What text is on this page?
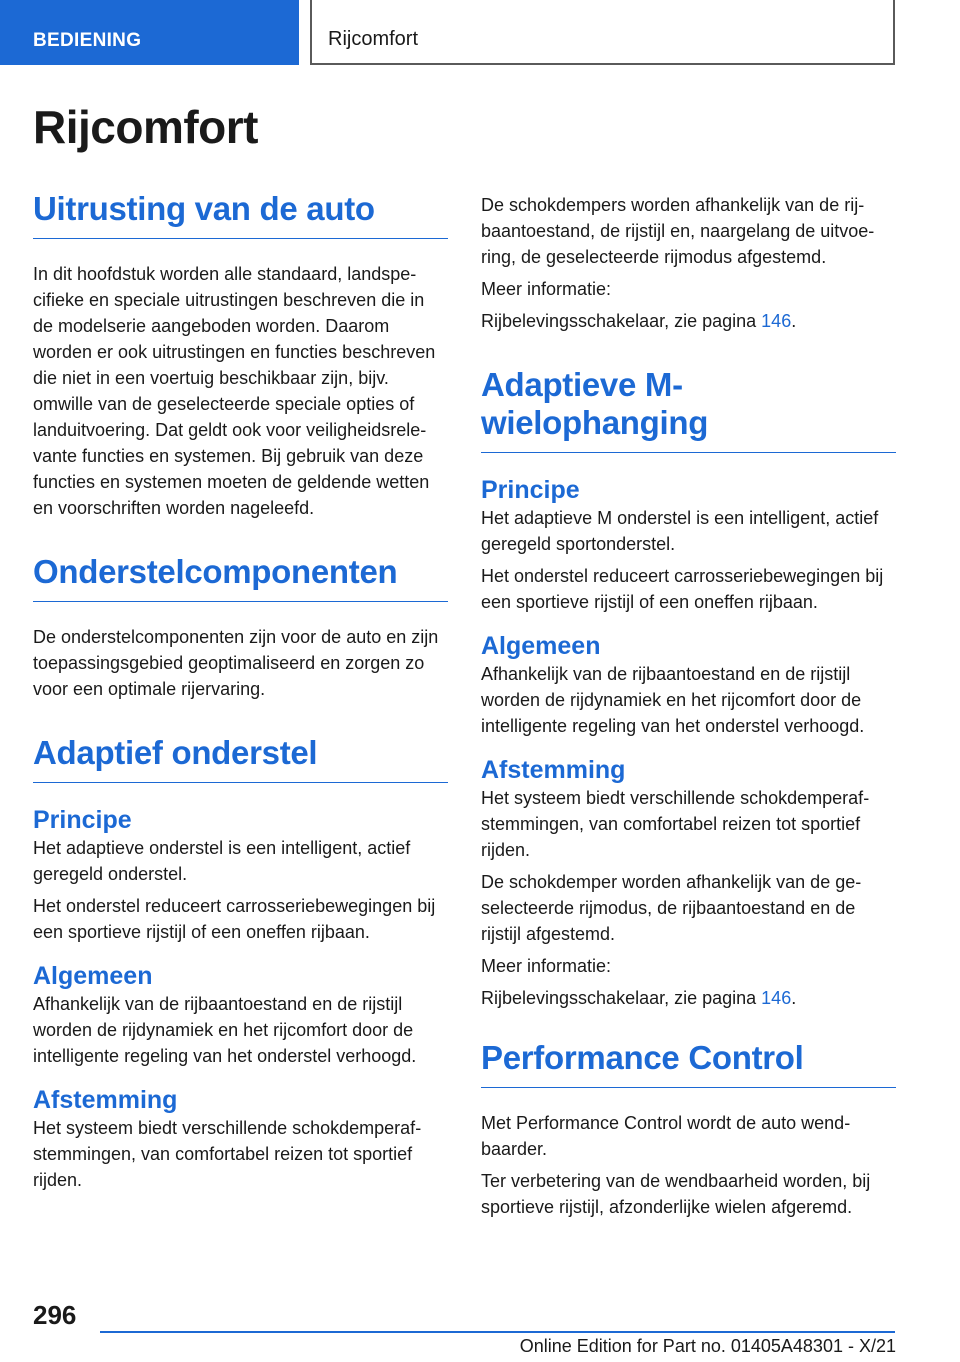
BEDIENING	Rijcomfort
Rijcomfort
Uitrusting van de auto

In dit hoofdstuk worden alle standaard, landspecifieke en speciale uitrustingen beschreven die in de modelserie aangeboden worden. Daarom worden er ook uitrustingen en functies beschreven die niet in een voertuig beschikbaar zijn, bijv. omwille van de geselecteerde speciale opties of landuitvoering. Dat geldt ook voor veiligheidsrelevante functies en systemen. Bij gebruik van deze functies en systemen moeten de geldende wetten en voorschriften worden nageleefd.

Onderstelcomponenten

De onderstelcomponenten zijn voor de auto en zijn toepassingsgebied geoptimaliseerd en zorgen zo voor een optimale rijervaring.

Adaptief onderstel
Principe

Het adaptieve onderstel is een intelligent, actief geregeld onderstel.

Het onderstel reduceert carrosseriebewegingen bij een sportieve rijstijl of een oneffen rijbaan.

Algemeen

Afhankelijk van de rijbaantoestand en de rijstijl worden de rijdynamiek en het rijcomfort door de intelligente regeling van het onderstel verhoogd.

Afstemming

Het systeem biedt verschillende schokdemperafstemmingen, van comfortabel reizen tot sportief rijden.

De schokdempers worden afhankelijk van de rijbaantoestand, de rijstijl en, naargelang de uitvoering, de geselecteerde rijmodus afgestemd.

Meer informatie:

Rijbelevingsschakelaar, zie pagina 146.

Adaptieve M-wielophanging
Principe

Het adaptieve M onderstel is een intelligent, actief geregeld sportonderstel.

Het onderstel reduceert carrosseriebewegingen bij een sportieve rijstijl of een oneffen rijbaan.

Algemeen

Afhankelijk van de rijbaantoestand en de rijstijl worden de rijdynamiek en het rijcomfort door de intelligente regeling van het onderstel verhoogd.

Afstemming

Het systeem biedt verschillende schokdemperafstemmingen, van comfortabel reizen tot sportief rijden.

De schokdemper worden afhankelijk van de geselecteerde rijmodus, de rijbaantoestand en de rijstijl afgestemd.

Meer informatie:

Rijbelevingsschakelaar, zie pagina 146.

Performance Control

Met Performance Control wordt de auto wendbaarder.

Ter verbetering van de wendbaarheid worden, bij sportieve rijstijl, afzonderlijke wielen afgeremd.

296
Online Edition for Part no. 01405A48301 - X/21
